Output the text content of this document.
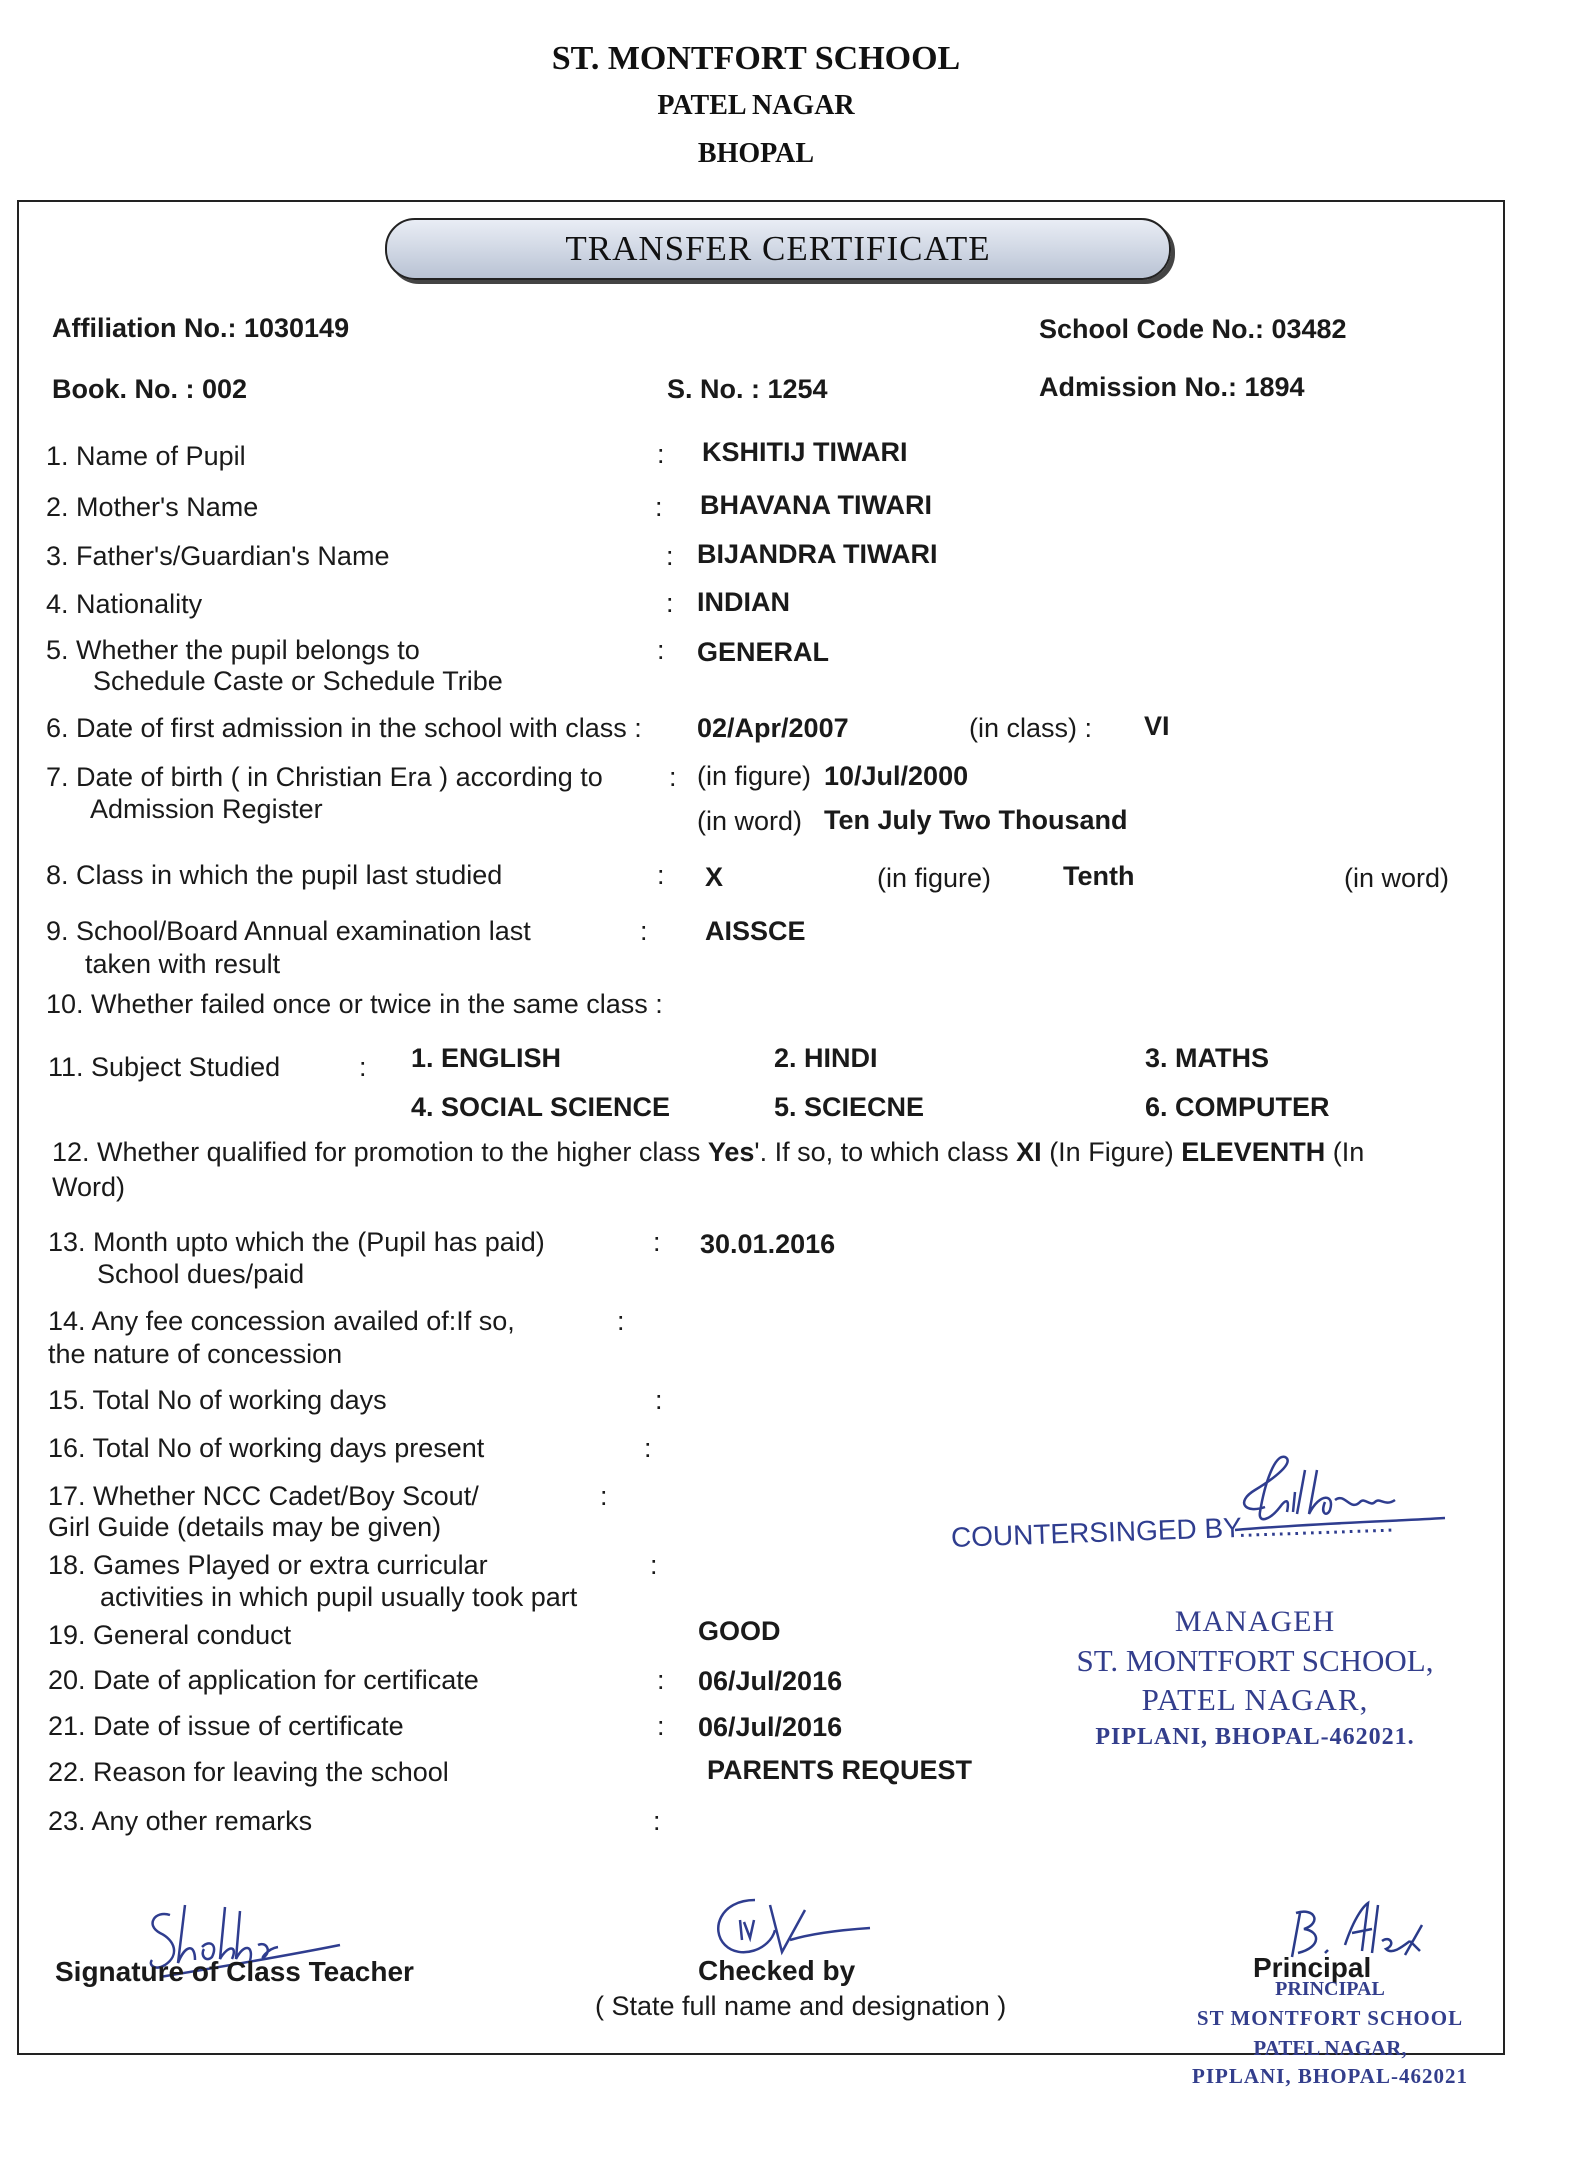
ST. MONTFORT SCHOOL
PATEL NAGAR
BHOPAL
TRANSFER CERTIFICATE
Affiliation No.: 1030149	School Code No.: 03482
Book. No. : 002	S. No. : 1254	Admission No.: 1894
1. Name of Pupil	: KSHITIJ TIWARI
2. Mother's Name	: BHAVANA TIWARI
3. Father's/Guardian's Name	: BIJANDRA TIWARI
4. Nationality	: INDIAN
5. Whether the pupil belongs to
Schedule Caste or Schedule Tribe
: GENERAL
6. Date of first admission in the school with class : 02/Apr/2007	(in class) : VI
7. Date of birth ( in Christian Era ) according to
Admission Register
: (in figure) 10/Jul/2000
(in word) Ten July Two Thousand
8. Class in which the pupil last studied	: X	(in figure)	Tenth	(in word)
9. School/Board Annual examination last
taken with result
: AISSCE
10. Whether failed once or twice in the same class :
11. Subject Studied	: 1. ENGLISH	2. HINDI	3. MATHS
4. SOCIAL SCIENCE	5. SCIECNE	6. COMPUTER
12. Whether qualified for promotion to the higher class Yes'. If so, to which class XI (In Figure) ELEVENTH (In
Word)
13. Month upto which the (Pupil has paid)
School dues/paid
: 30.01.2016
14. Any fee concession availed of:If so,
the nature of concession
:
15. Total No of working days	:
16. Total No of working days present	:
17. Whether NCC Cadet/Boy Scout/
Girl Guide (details may be given)
:
18. Games Played or extra curricular
activities in which pupil usually took part
:
19. General conduct	GOOD
20. Date of application for certificate	: 06/Jul/2016
21. Date of issue of certificate	: 06/Jul/2016
22. Reason for leaving the school	PARENTS REQUEST
23. Any other remarks	:
COUNTERSINGED BY....................
MANAGEH
ST. MONTFORT SCHOOL,
PATEL NAGAR,
PIPLANI, BHOPAL-462021.
Signature of Class Teacher	Checked by
( State full name and designation )
Principal
PRINCIPAL
ST MONTFORT SCHOOL
PATEL NAGAR,
PIPLANI, BHOPAL-462021
